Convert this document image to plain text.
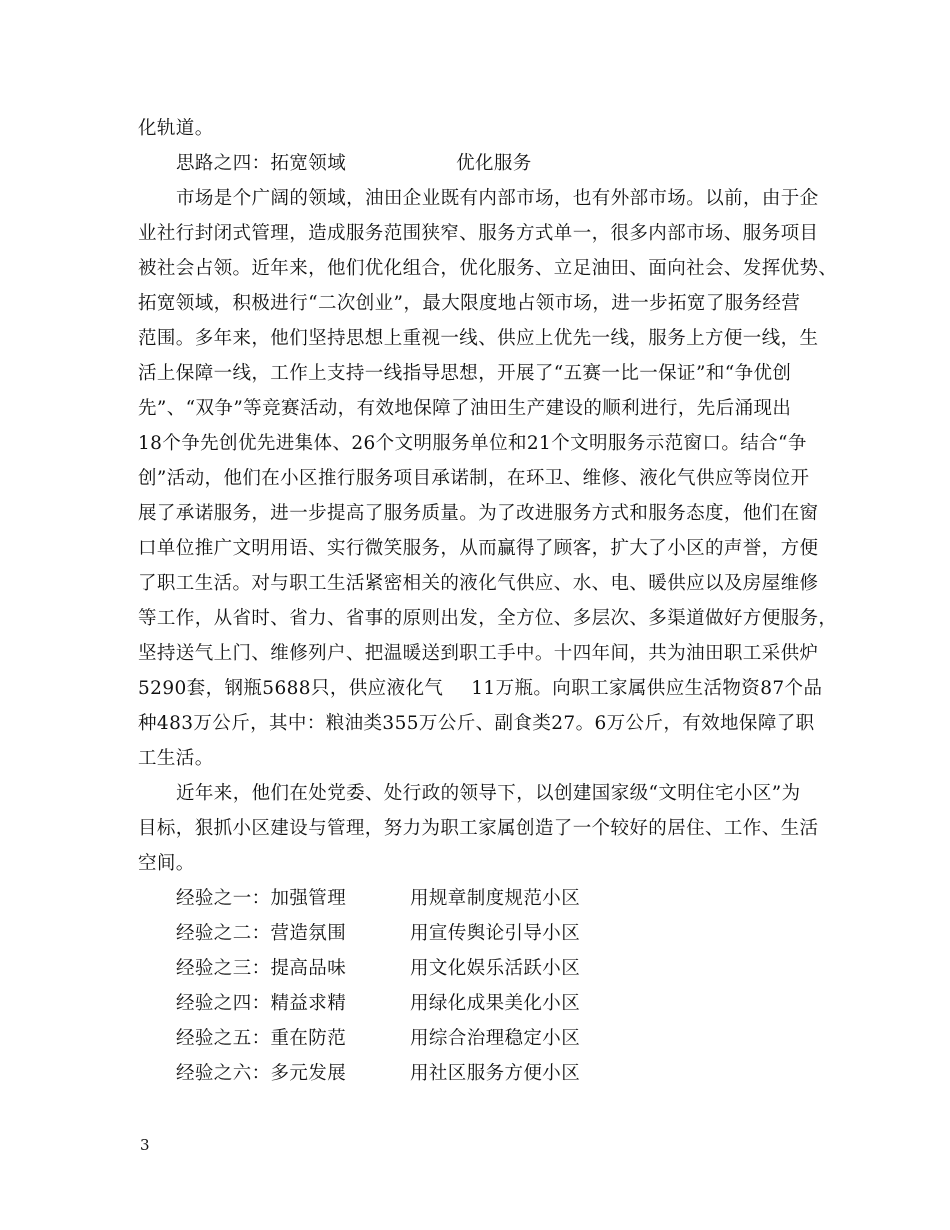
化轨道。
思路之四：拓宽领域	优化服务
市场是个广阔的领域，油田企业既有内部市场，也有外部市场。以前，由于企
业社行封闭式管理，造成服务范围狭窄、服务方式单一，很多内部市场、服务项目
被社会占领。近年来，他们优化组合，优化服务、立足油田、面向社会、发挥优势、
拓宽领域，积极进行“二次创业”，最大限度地占领市场，进一步拓宽了服务经营
范围。多年来，他们坚持思想上重视一线、供应上优先一线，服务上方便一线，生
活上保障一线，工作上支持一线指导思想，开展了“五赛一比一保证”和“争优创
先”、“双争”等竞赛活动，有效地保障了油田生产建设的顺利进行，先后涌现出
18个争先创优先进集体、26个文明服务单位和21个文明服务示范窗口。结合“争
创”活动，他们在小区推行服务项目承诺制，在环卫、维修、液化气供应等岗位开
展了承诺服务，进一步提高了服务质量。为了改进服务方式和服务态度，他们在窗
口单位推广文明用语、实行微笑服务，从而赢得了顾客，扩大了小区的声誉，方便
了职工生活。对与职工生活紧密相关的液化气供应、水、电、暖供应以及房屋维修
等工作，从省时、省力、省事的原则出发，全方位、多层次、多渠道做好方便服务，
坚持送气上门、维修列户、把温暖送到职工手中。十四年间，共为油田职工采供炉
5290套，钢瓶5688只，供应液化气 11万瓶。向职工家属供应生活物资87个品
种483万公斤，其中：粮油类355万公斤、副食类27。6万公斤，有效地保障了职
工生活。
近年来，他们在处党委、处行政的领导下，以创建国家级“文明住宅小区”为
目标，狠抓小区建设与管理，努力为职工家属创造了一个较好的居住、工作、生活
空间。
经验之一：加强管理	用规章制度规范小区
经验之二：营造氛围	用宣传舆论引导小区
经验之三：提高品味	用文化娱乐活跃小区
经验之四：精益求精	用绿化成果美化小区
经验之五：重在防范	用综合治理稳定小区
经验之六：多元发展	用社区服务方便小区
3
